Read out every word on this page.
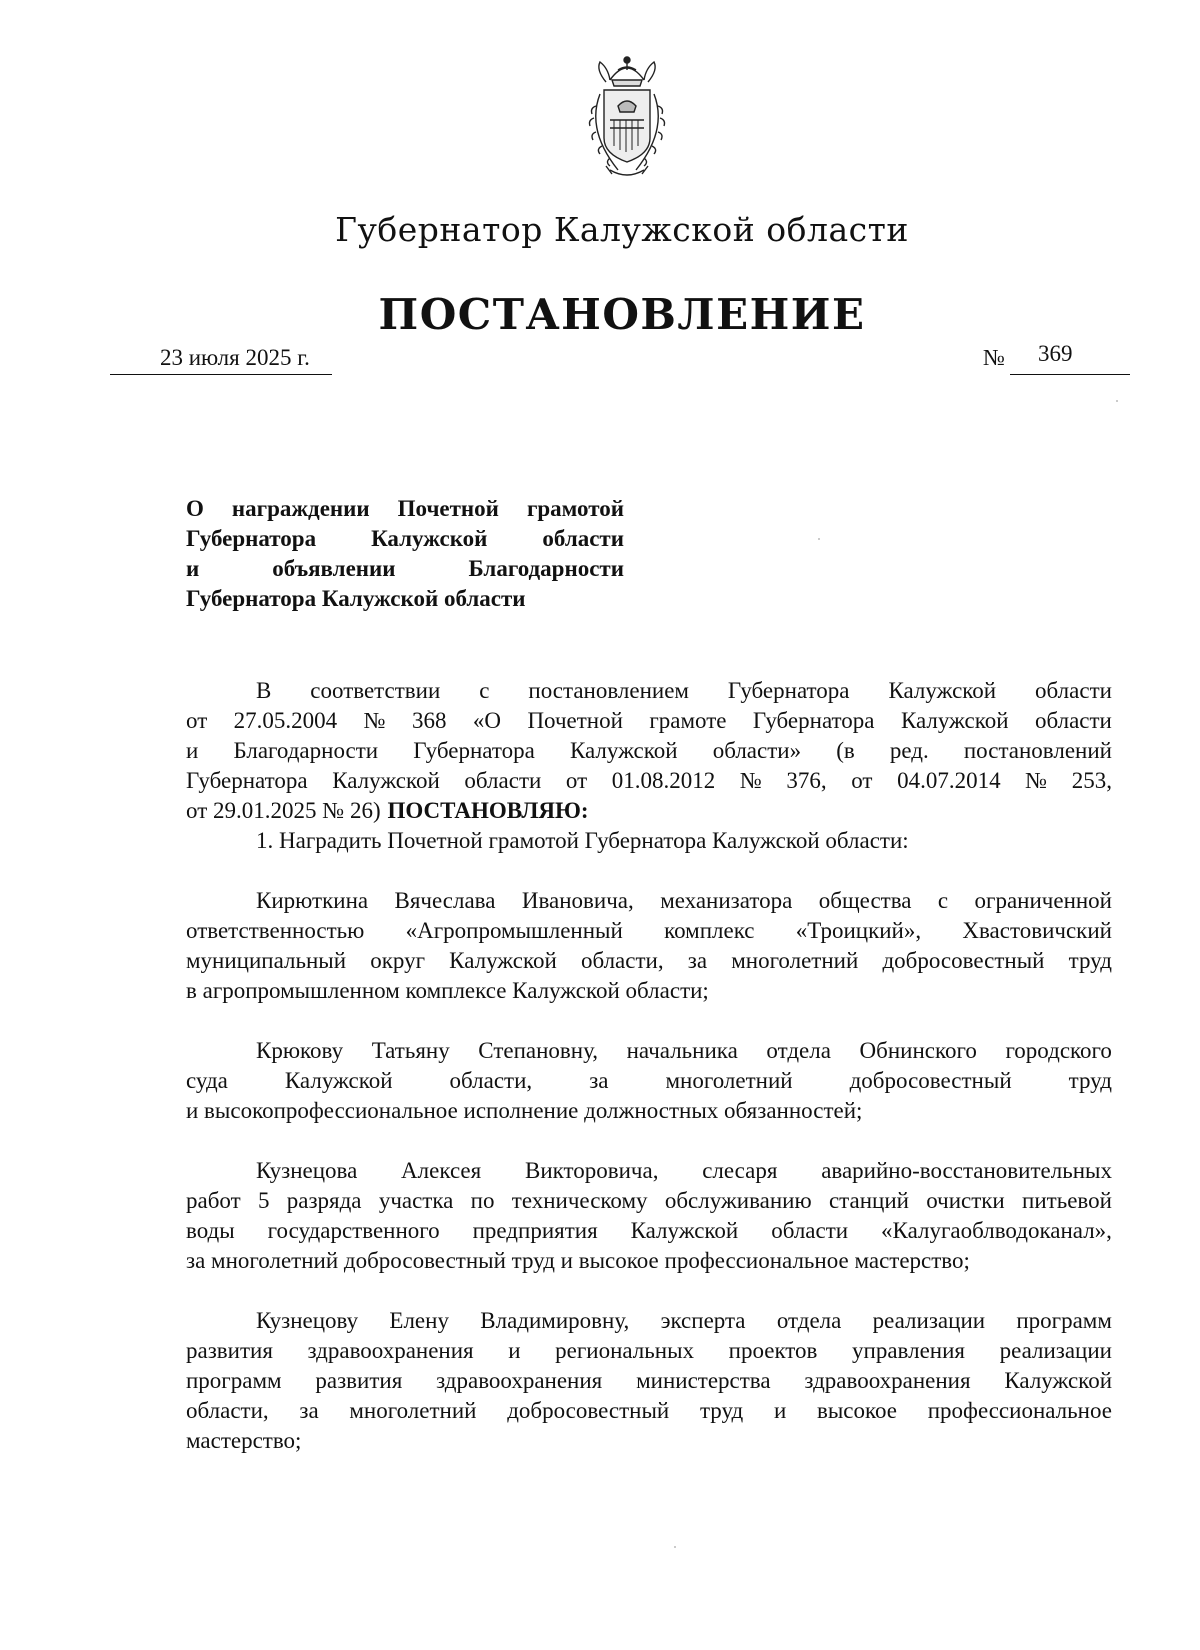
Губернатор Калужской области
ПОСТАНОВЛЕНИЕ
23 июля 2025 г.	№ 369
О награждении Почетной грамотой
Губернатора Калужской области
и	объявлении	Благодарности
Губернатора Калужской области
В соответствии с постановлением Губернатора Калужской области
от 27.05.2004 № 368 «О Почетной грамоте Губернатора Калужской области
и Благодарности Губернатора Калужской области» (в ред. постановлений
Губернатора Калужской области от 01.08.2012 № 376, от 04.07.2014 № 253,
от 29.01.2025 № 26) ПОСТАНОВЛЯЮ:
1. Наградить Почетной грамотой Губернатора Калужской области:
Кирюткина Вячеслава Ивановича, механизатора общества с ограниченной
ответственностью «Агропромышленный комплекс «Троицкий», Хвастовичский
муниципальный округ Калужской области, за многолетний добросовестный труд
в агропромышленном комплексе Калужской области;
Крюкову Татьяну Степановну, начальника отдела Обнинского городского
суда Калужской области, за многолетний добросовестный труд
и высокопрофессиональное исполнение должностных обязанностей;
Кузнецова Алексея Викторовича, слесаря аварийно-восстановительных
работ 5 разряда участка по техническому обслуживанию станций очистки питьевой
воды государственного предприятия Калужской области «Калугаоблводоканал»,
за многолетний добросовестный труд и высокое профессиональное мастерство;
Кузнецову Елену Владимировну, эксперта отдела реализации программ
развития здравоохранения и региональных проектов управления реализации
программ развития здравоохранения министерства здравоохранения Калужской
области, за многолетний добросовестный труд и высокое профессиональное
мастерство;
